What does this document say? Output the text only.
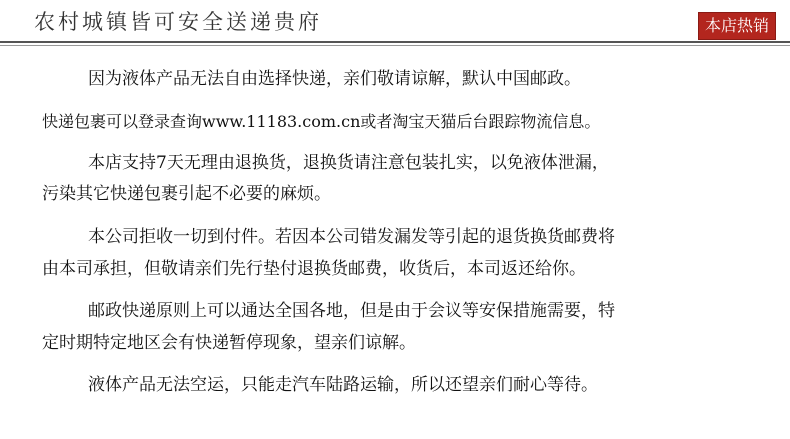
农村城镇皆可安全送递贵府	本店热销
因为液体产品无法自由选择快递，亲们敬请谅解，默认中国邮政。
快递包裹可以登录查询www.11183.com.cn或者淘宝天猫后台跟踪物流信息。
本店支持7天无理由退换货，退换货请注意包装扎实，以免液体泄漏，
污染其它快递包裹引起不必要的麻烦。
本公司拒收一切到付件。若因本公司错发漏发等引起的退货换货邮费将
由本司承担，但敬请亲们先行垫付退换货邮费，收货后，本司返还给你。
邮政快递原则上可以通达全国各地，但是由于会议等安保措施需要，特
定时期特定地区会有快递暂停现象，望亲们谅解。
液体产品无法空运，只能走汽车陆路运输，所以还望亲们耐心等待。
